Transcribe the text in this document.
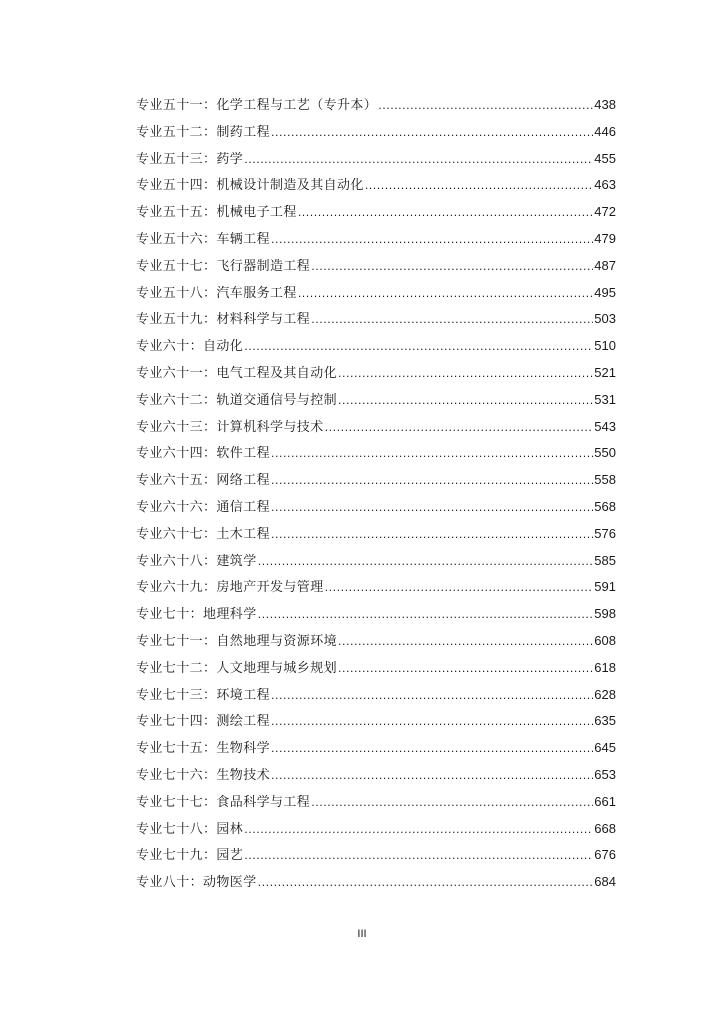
专业五十一：化学工程与工艺（专升本） .....	438
专业五十二：制药工程 .....	446
专业五十三：药学 .....	455
专业五十四：机械设计制造及其自动化 .....	463
专业五十五：机械电子工程 .....	472
专业五十六：车辆工程 .....	479
专业五十七：飞行器制造工程 .....	487
专业五十八：汽车服务工程 .....	495
专业五十九：材料科学与工程 .....	503
专业六十：自动化 .....	510
专业六十一：电气工程及其自动化 .....	521
专业六十二：轨道交通信号与控制 .....	531
专业六十三：计算机科学与技术 .....	543
专业六十四：软件工程 .....	550
专业六十五：网络工程 .....	558
专业六十六：通信工程 .....	568
专业六十七：土木工程 .....	576
专业六十八：建筑学 .....	585
专业六十九：房地产开发与管理 .....	591
专业七十：地理科学 .....	598
专业七十一：自然地理与资源环境 .....	608
专业七十二：人文地理与城乡规划 .....	618
专业七十三：环境工程 .....	628
专业七十四：测绘工程 .....	635
专业七十五：生物科学 .....	645
专业七十六：生物技术 .....	653
专业七十七：食品科学与工程 .....	661
专业七十八：园林 .....	668
专业七十九：园艺 .....	676
专业八十：动物医学 .....	684
III
